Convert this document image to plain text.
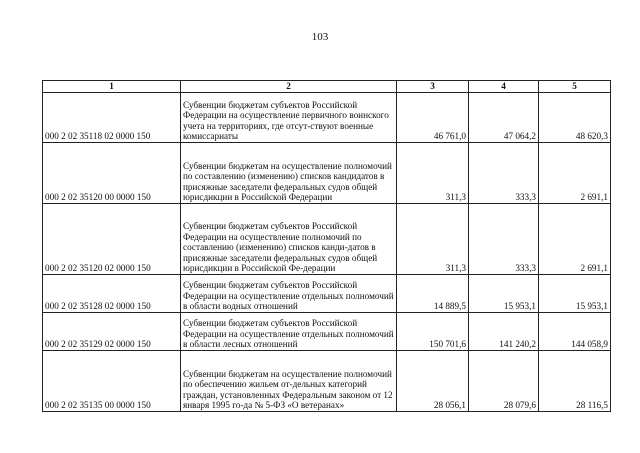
103
1	2	3	4	5
000 2 02 35118 02 0000 150	Субвенции бюджетам субъектов Российской Федерации на осуществление первичного воинского учета на территориях, где отсут-ствуют военные комиссариаты	46 761,0	47 064,2	48 620,3
000 2 02 35120 00 0000 150	Субвенции бюджетам на осуществление полномочий по составлению (изменению) списков кандидатов в присяжные заседатели федеральных судов общей юрисдикции в Российской Федерации	311,3	333,3	2 691,1
000 2 02 35120 02 0000 150	Субвенции бюджетам субъектов Российской Федерации на осуществление полномочий по составлению (изменению) списков канди-датов в присяжные заседатели федеральных судов общей юрисдикции в Российской Фе-дерации	311,3	333,3	2 691,1
000 2 02 35128 02 0000 150	Субвенции бюджетам субъектов Российской Федерации на осуществление отдельных полномочий в области водных отношений	14 889,5	15 953,1	15 953,1
000 2 02 35129 02 0000 150	Субвенции бюджетам субъектов Российской Федерации на осуществление отдельных полномочий в области лесных отношений	150 701,6	141 240,2	144 058,9
000 2 02 35135 00 0000 150	Субвенции бюджетам на осуществление полномочий по обеспечению жильем от-дельных категорий граждан, установленных Федеральным законом от 12 января 1995 го-да № 5-ФЗ «О ветеранах»	28 056,1	28 079,6	28 116,5
